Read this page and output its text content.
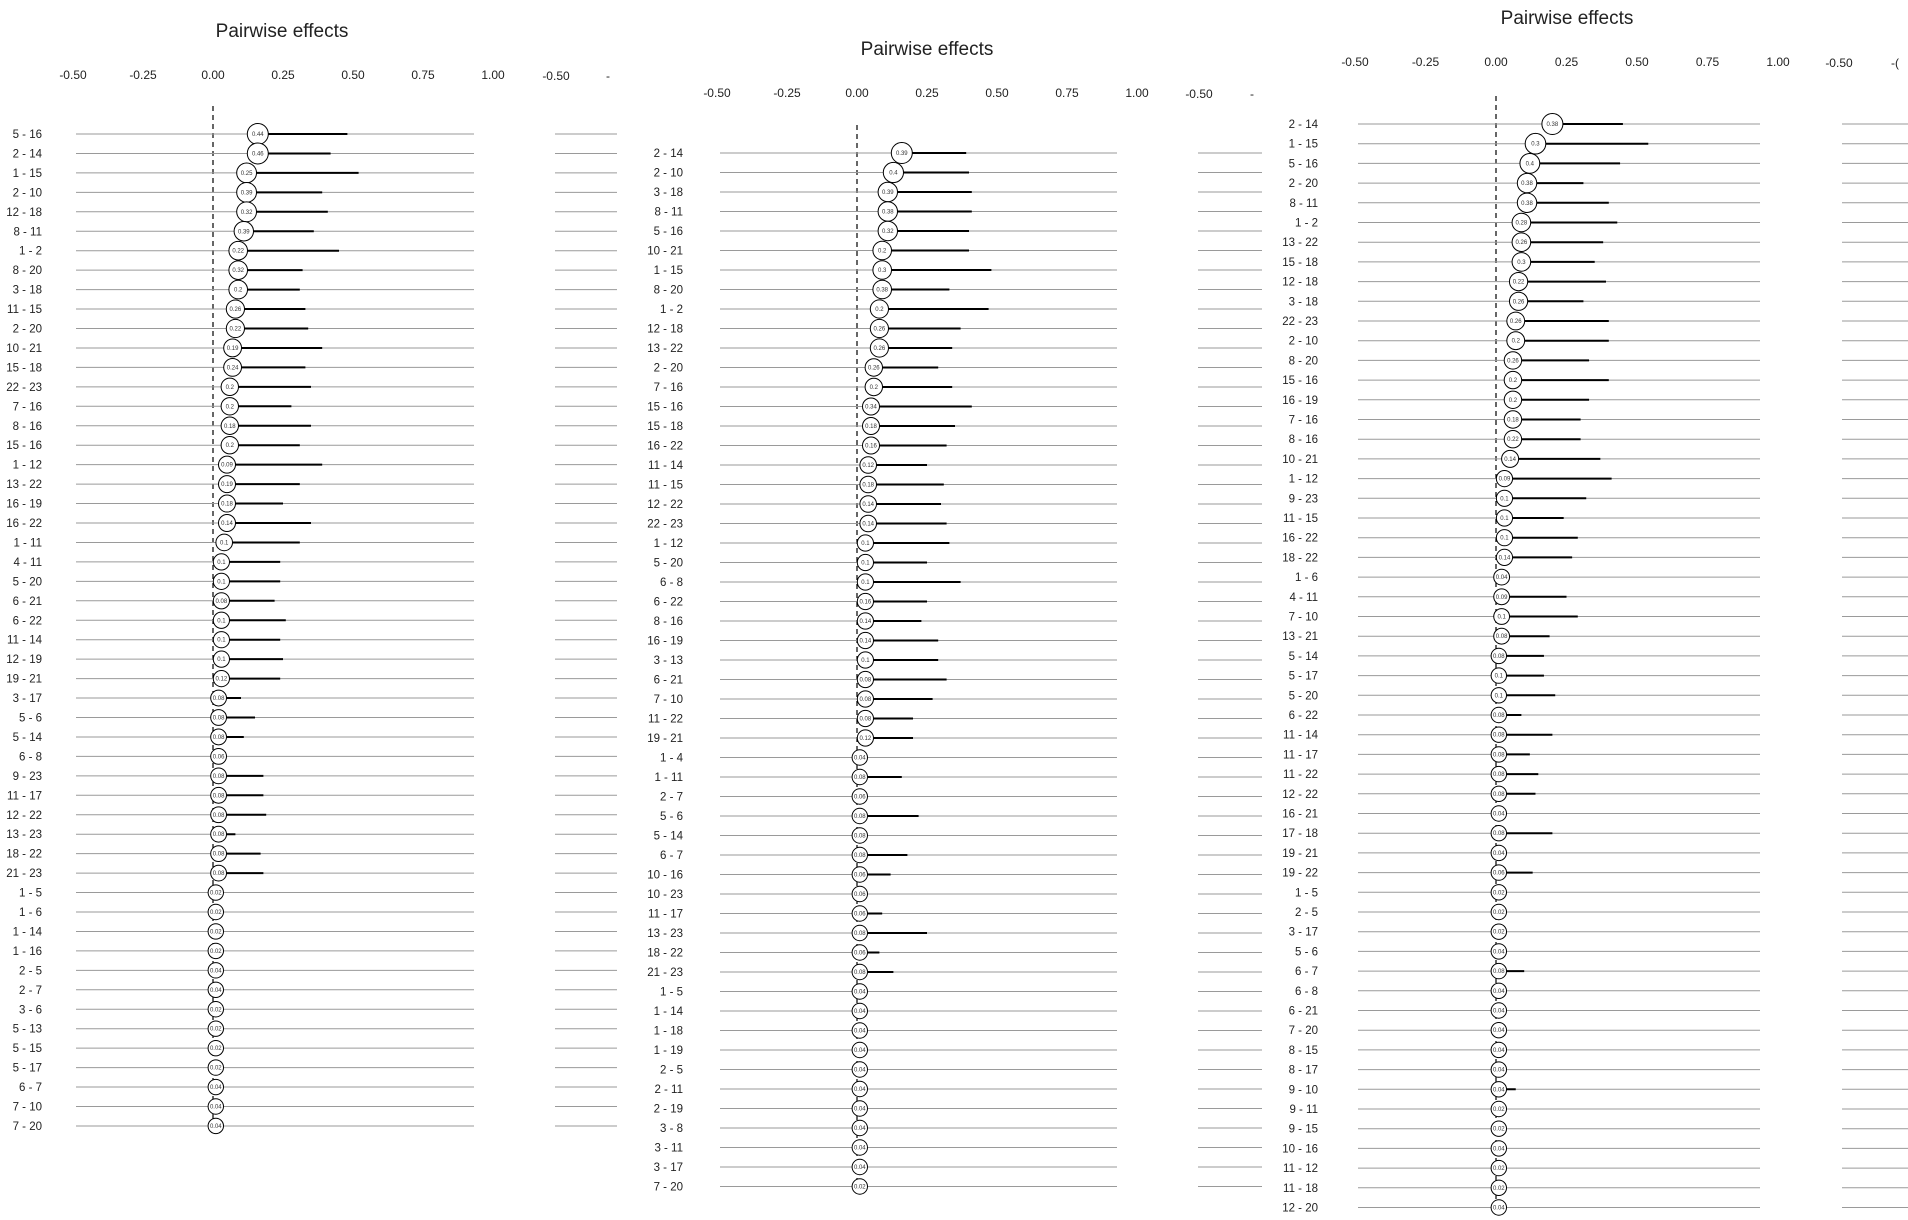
Pairwise effects
-0.50	-0.25	0.00	0.25	0.50	0.75	1.00	-0.50	-
5 - 16	0.44
2 - 14	0.46
1 - 15	0.25
2 - 10	0.39
12 - 18	0.32
8 - 11	0.39
1 - 2	0.22
8 - 20	0.32
3 - 18	0.2
11 - 15	0.26
2 - 20	0.22
10 - 21	0.19
15 - 18	0.24
22 - 23	0.2
7 - 16	0.2
8 - 16	0.18
15 - 16	0.2
1 - 12	0.09
13 - 22	0.19
16 - 19	0.18
16 - 22	0.14
1 - 11	0.1
4 - 11	0.1
5 - 20	0.1
6 - 21	0.08
6 - 22	0.1
11 - 14	0.1
12 - 19	0.1
19 - 21	0.12
3 - 17	0.08
5 - 6	0.08
5 - 14	0.08
6 - 8	0.06
9 - 23	0.08
11 - 17	0.08
12 - 22	0.08
13 - 23	0.08
18 - 22	0.08
21 - 23	0.08
1 - 5	0.02
1 - 6	0.02
1 - 14	0.02
1 - 16	0.02
2 - 5	0.04
2 - 7	0.04
3 - 6	0.02
5 - 13	0.02
5 - 15	0.02
5 - 17	0.02
6 - 7	0.04
7 - 10	0.04
7 - 20	0.04
Pairwise effects
-0.50	-0.25	0.00	0.25	0.50	0.75	1.00	-0.50	-
2 - 14	0.39
2 - 10	0.4
3 - 18	0.39
8 - 11	0.38
5 - 16	0.32
10 - 21	0.2
1 - 15	0.3
8 - 20	0.38
1 - 2	0.2
12 - 18	0.26
13 - 22	0.26
2 - 20	0.26
7 - 16	0.2
15 - 16	0.34
15 - 18	0.18
16 - 22	0.16
11 - 14	0.12
11 - 15	0.18
12 - 22	0.14
22 - 23	0.14
1 - 12	0.1
5 - 20	0.1
6 - 8	0.1
6 - 22	0.16
8 - 16	0.14
16 - 19	0.14
3 - 13	0.1
6 - 21	0.08
7 - 10	0.08
11 - 22	0.08
19 - 21	0.12
1 - 4	0.04
1 - 11	0.08
2 - 7	0.06
5 - 6	0.08
5 - 14	0.08
6 - 7	0.08
10 - 16	0.06
10 - 23	0.06
11 - 17	0.06
13 - 23	0.08
18 - 22	0.06
21 - 23	0.08
1 - 5	0.04
1 - 14	0.04
1 - 18	0.04
1 - 19	0.04
2 - 5	0.04
2 - 11	0.04
2 - 19	0.04
3 - 8	0.04
3 - 11	0.04
3 - 17	0.04
7 - 20	0.02
Pairwise effects
-0.50	-0.25	0.00	0.25	0.50	0.75	1.00	-0.50	-(
2 - 14	0.38
1 - 15	0.3
5 - 16	0.4
2 - 20	0.38
8 - 11	0.38
1 - 2	0.28
13 - 22	0.26
15 - 18	0.3
12 - 18	0.22
3 - 18	0.26
22 - 23	0.26
2 - 10	0.2
8 - 20	0.26
15 - 16	0.2
16 - 19	0.2
7 - 16	0.18
8 - 16	0.22
10 - 21	0.14
1 - 12	0.09
9 - 23	0.1
11 - 15	0.1
16 - 22	0.1
18 - 22	0.14
1 - 6	0.04
4 - 11	0.09
7 - 10	0.1
13 - 21	0.08
5 - 14	0.08
5 - 17	0.1
5 - 20	0.1
6 - 22	0.08
11 - 14	0.08
11 - 17	0.08
11 - 22	0.08
12 - 22	0.08
16 - 21	0.04
17 - 18	0.08
19 - 21	0.04
19 - 22	0.06
1 - 5	0.02
2 - 5	0.02
3 - 17	0.02
5 - 6	0.04
6 - 7	0.08
6 - 8	0.04
6 - 21	0.04
7 - 20	0.04
8 - 15	0.04
8 - 17	0.04
9 - 10	0.04
9 - 11	0.02
9 - 15	0.02
10 - 16	0.04
11 - 12	0.02
11 - 18	0.02
12 - 20	0.04
